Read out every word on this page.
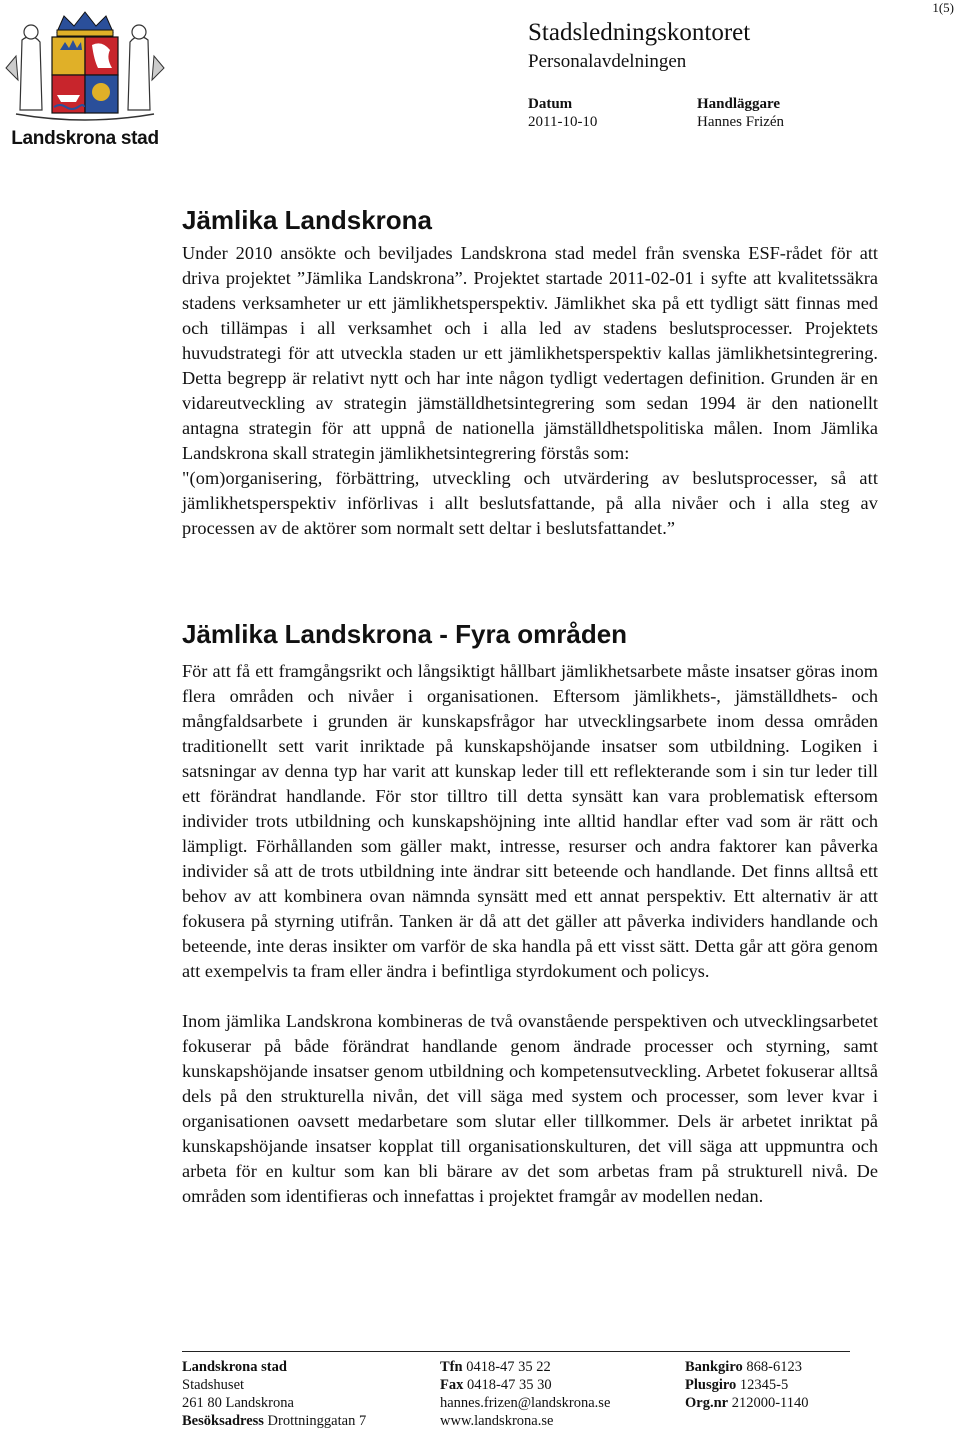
1(5)
Landskrona stad
Stadsledningskontoret
Personalavdelningen
Datum
2011-10-10
Handläggare
Hannes Frizén
Jämlika Landskrona

Under 2010 ansökte och beviljades Landskrona stad medel från svenska ESF-rådet för att driva projektet ”Jämlika Landskrona”. Projektet startade 2011-02-01 i syfte att kvalitetssäkra stadens verksamheter ur ett jämlikhetsperspektiv. Jämlikhet ska på ett tydligt sätt finnas med och tillämpas i all verksamhet och i alla led av stadens beslutsprocesser. Projektets huvudstrategi för att utveckla staden ur ett jämlikhetsperspektiv kallas jämlikhetsintegrering. Detta begrepp är relativt nytt och har inte någon tydligt vedertagen definition. Grunden är en vidareutveckling av strategin jämställdhetsintegrering som sedan 1994 är den nationellt antagna strategin för att uppnå de nationella jämställdhetspolitiska målen. Inom Jämlika Landskrona skall strategin jämlikhetsintegrering förstås som:

"(om)organisering, förbättring, utveckling och utvärdering av beslutsprocesser, så att jämlikhetsperspektiv införlivas i allt beslutsfattande, på alla nivåer och i alla steg av processen av de aktörer som normalt sett deltar i beslutsfattandet.”

Jämlika Landskrona - Fyra områden

För att få ett framgångsrikt och långsiktigt hållbart jämlikhetsarbete måste insatser göras inom flera områden och nivåer i organisationen. Eftersom jämlikhets-, jämställdhets- och mångfaldsarbete i grunden är kunskapsfrågor har utvecklingsarbete inom dessa områden traditionellt sett varit inriktade på kunskapshöjande insatser som utbildning. Logiken i satsningar av denna typ har varit att kunskap leder till ett reflekterande som i sin tur leder till ett förändrat handlande. För stor tilltro till detta synsätt kan vara problematisk eftersom individer trots utbildning och kunskapshöjning inte alltid handlar efter vad som är rätt och lämpligt. Förhållanden som gäller makt, intresse, resurser och andra faktorer kan påverka individer så att de trots utbildning inte ändrar sitt beteende och handlande. Det finns alltså ett behov av att kombinera ovan nämnda synsätt med ett annat perspektiv. Ett alternativ är att fokusera på styrning utifrån. Tanken är då att det gäller att påverka individers handlande och beteende, inte deras insikter om varför de ska handla på ett visst sätt. Detta går att göra genom att exempelvis ta fram eller ändra i befintliga styrdokument och policys.

Inom jämlika Landskrona kombineras de två ovanstående perspektiven och utvecklingsarbetet fokuserar på både förändrat handlande genom ändrade processer och styrning, samt kunskapshöjande insatser genom utbildning och kompetensutveckling. Arbetet fokuserar alltså dels på den strukturella nivån, det vill säga med system och processer, som lever kvar i organisationen oavsett medarbetare som slutar eller tillkommer. Dels är arbetet inriktat på kunskapshöjande insatser kopplat till organisationskulturen, det vill säga att uppmuntra och arbeta för en kultur som kan bli bärare av det som arbetas fram på strukturell nivå. De områden som identifieras och innefattas i projektet framgår av modellen nedan.

Landskrona stad
Stadshuset
261 80 Landskrona
Besöksadress Drottninggatan 7
Tfn 0418-47 35 22
Fax 0418-47 35 30
hannes.frizen@landskrona.se
www.landskrona.se
Bankgiro 868-6123
Plusgiro 12345-5
Org.nr 212000-1140
